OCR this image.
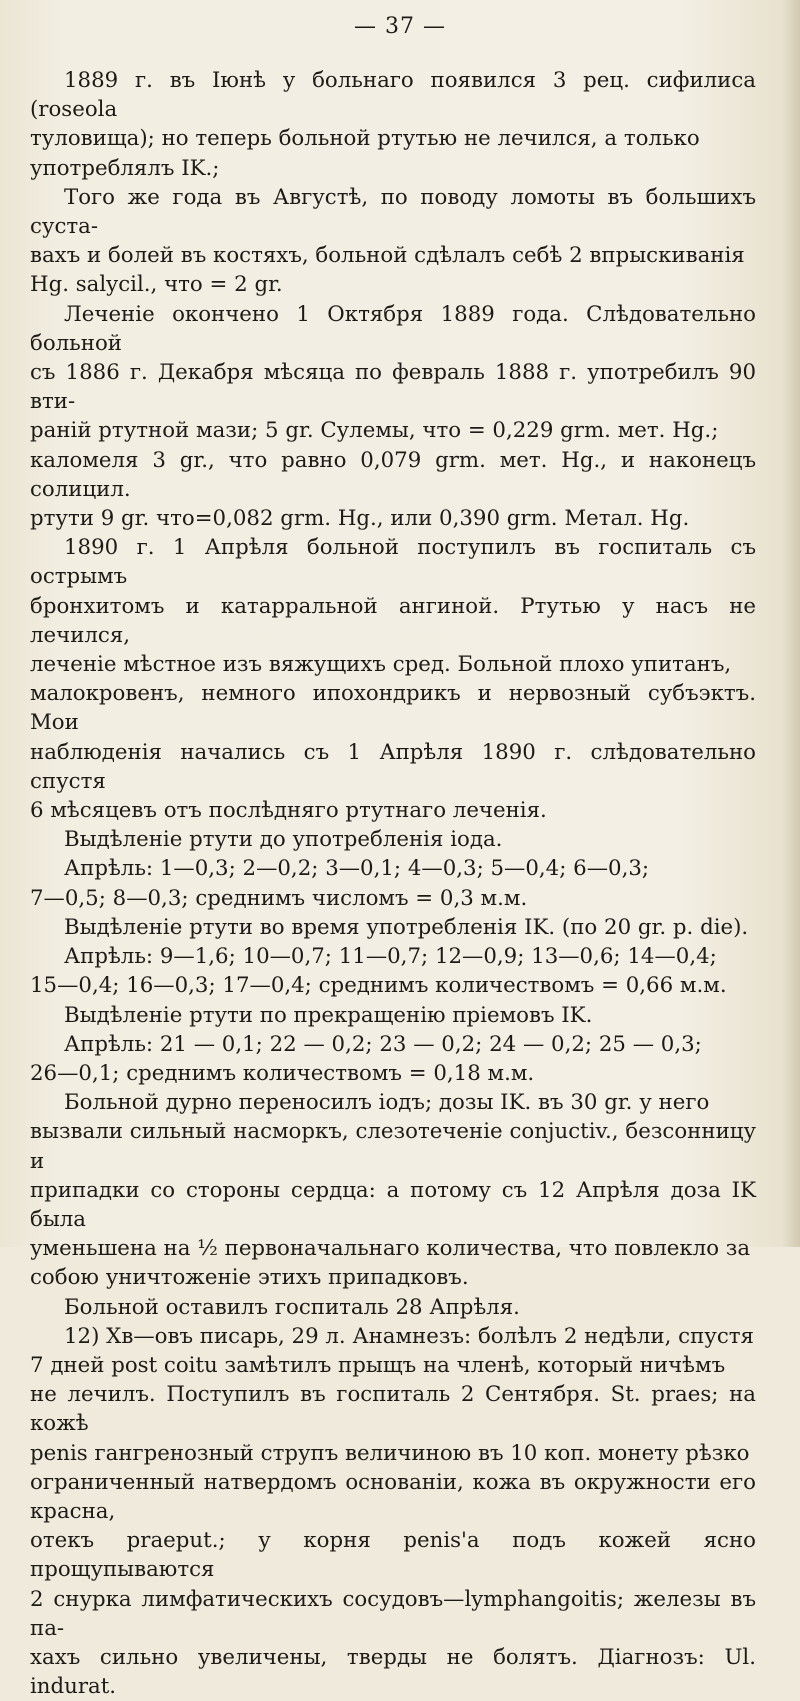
— 37 —

1889 г. въ Іюнѣ у больнаго появился 3 рец. сифилиса (roseola

туловища); но теперь больной ртутью не лечился, а только

употреблялъ IK.;

Того же года въ Августѣ, по поводу ломоты въ большихъ суста-

вахъ и болей въ костяхъ, больной сдѣлалъ себѣ 2 впрыскиванія

Hg. salycil., что = 2 gr.

Леченіе окончено 1 Октября 1889 года. Слѣдовательно больной

съ 1886 г. Декабря мѣсяца по февраль 1888 г. употребилъ 90 вти-

раній ртутной мази; 5 gr. Сулемы, что = 0,229 grm. мет. Hg.;

каломеля 3 gr., что равно 0,079 grm. мет. Hg., и наконецъ солицил.

ртути 9 gr. что=0,082 grm. Hg., или 0,390 grm. Метал. Hg.

1890 г. 1 Апрѣля больной поступилъ въ госпиталь съ острымъ

бронхитомъ и катарральной ангиной. Ртутью у насъ не лечился,

леченіе мѣстное изъ вяжущихъ сред. Больной плохо упитанъ,

малокровенъ, немного ипохондрикъ и нервозный субъэктъ. Мои

наблюденія начались съ 1 Апрѣля 1890 г. слѣдовательно спустя

6 мѣсяцевъ отъ послѣдняго ртутнаго леченія.

Выдѣленіе ртути до употребленія іода.

Апрѣль: 1—0,3; 2—0,2; 3—0,1; 4—0,3; 5—0,4; 6—0,3;

7—0,5; 8—0,3; среднимъ числомъ = 0,3 м.м.

Выдѣленіе ртути во время употребленія IK. (по 20 gr. p. die).

Апрѣль: 9—1,6; 10—0,7; 11—0,7; 12—0,9; 13—0,6; 14—0,4;

15—0,4; 16—0,3; 17—0,4; среднимъ количествомъ = 0,66 м.м.

Выдѣленіе ртути по прекращенію пріемовъ IK.

Апрѣль: 21 — 0,1; 22 — 0,2; 23 — 0,2; 24 — 0,2; 25 — 0,3;

26—0,1; среднимъ количествомъ = 0,18 м.м.

Больной дурно переносилъ іодъ; дозы IK. въ 30 gr. у него

вызвали сильный насморкъ, слезотеченіе conjuctiv., безсонницу и

припадки со стороны сердца: а потому съ 12 Апрѣля доза IK была

уменьшена на ½ первоначальнаго количества, что повлекло за

собою уничтоженіе этихъ припадковъ.

Больной оставилъ госпиталь 28 Апрѣля.

12) Хв—овъ писарь, 29 л. Анамнезъ: болѣлъ 2 недѣли, спустя

7 дней post coitu замѣтилъ прыщъ на членѣ, который ничѣмъ

не лечилъ. Поступилъ въ госпиталь 2 Сентября. St. praes; на кожѣ

penis гангренозный струпъ величиною въ 10 коп. монету рѣзко

ограниченный натвердомъ основаніи, кожа въ окружности его красна,

отекъ praeput.; у корня penis'а подъ кожей ясно прощупываются

2 снурка лимфатическихъ сосудовъ—lymphangoitis; железы въ па-

хахъ сильно увеличены, тверды не болятъ. Діагнозъ: Ul. indurat.
